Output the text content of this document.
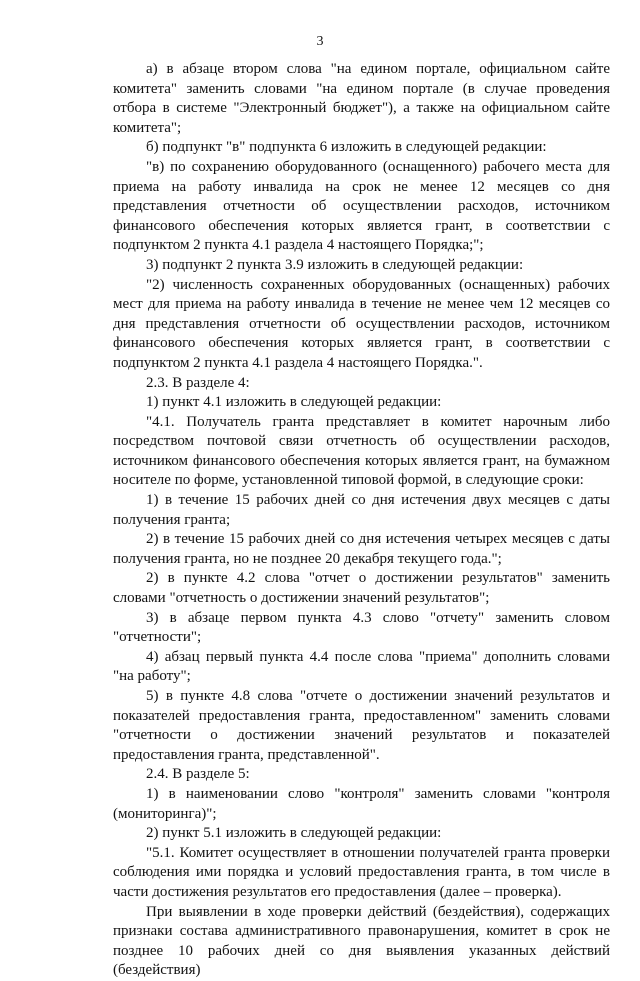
3

а) в абзаце втором слова "на едином портале, официальном сайте комитета" заменить словами "на едином портале (в случае проведения отбора в системе "Электронный бюджет"), а также на официальном сайте комитета";

б) подпункт "в" подпункта 6 изложить в следующей редакции:

"в) по сохранению оборудованного (оснащенного) рабочего места для приема на работу инвалида на срок не менее 12 месяцев со дня представления отчетности об осуществлении расходов, источником финансового обеспечения которых является грант, в соответствии с подпунктом 2 пункта 4.1 раздела 4 настоящего Порядка;";

3) подпункт 2 пункта 3.9 изложить в следующей редакции:

"2) численность сохраненных оборудованных (оснащенных) рабочих мест для приема на работу инвалида в течение не менее чем 12 месяцев со дня представления отчетности об осуществлении расходов, источником финансового обеспечения которых является грант, в соответствии с подпунктом 2 пункта 4.1 раздела 4 настоящего Порядка.".

2.3. В разделе 4:

1) пункт 4.1 изложить в следующей редакции:

"4.1. Получатель гранта представляет в комитет нарочным либо посредством почтовой связи отчетность об осуществлении расходов, источником финансового обеспечения которых является грант, на бумажном носителе по форме, установленной типовой формой, в следующие сроки:

1) в течение 15 рабочих дней со дня истечения двух месяцев с даты получения гранта;

2) в течение 15 рабочих дней со дня истечения четырех месяцев с даты получения гранта, но не позднее 20 декабря текущего года.";

2) в пункте 4.2 слова "отчет о достижении результатов" заменить словами "отчетность о достижении значений результатов";

3) в абзаце первом пункта 4.3 слово "отчету" заменить словом "отчетности";

4) абзац первый пункта 4.4 после слова "приема" дополнить словами "на работу";

5) в пункте 4.8 слова "отчете о достижении значений результатов и показателей предоставления гранта, предоставленном" заменить словами "отчетности о достижении значений результатов и показателей предоставления гранта, представленной".

2.4. В разделе 5:

1) в наименовании слово "контроля" заменить словами "контроля (мониторинга)";

2) пункт 5.1 изложить в следующей редакции:

"5.1. Комитет осуществляет в отношении получателей гранта проверки соблюдения ими порядка и условий предоставления гранта, в том числе в части достижения результатов его предоставления (далее – проверка).

При выявлении в ходе проверки действий (бездействия), содержащих признаки состава административного правонарушения, комитет в срок не позднее 10 рабочих дней со дня выявления указанных действий (бездействия)
